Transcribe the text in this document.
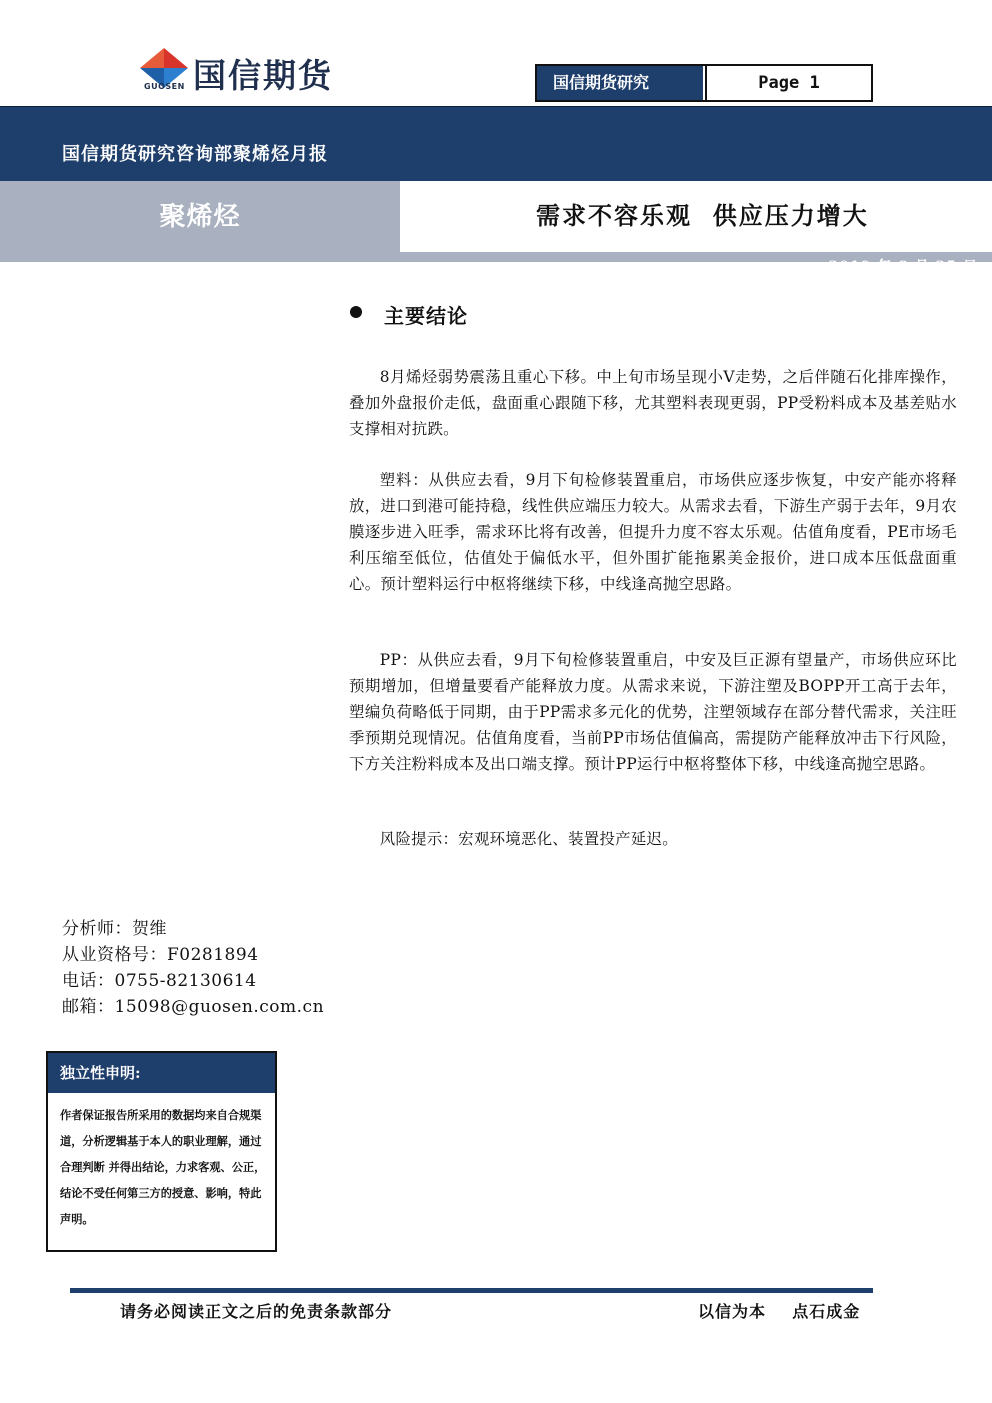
国信期货
GUOSEN	国信期货研究	Page 1
国信期货研究咨询部聚烯烃月报
聚烯烃	需求不容乐观  供应压力增大
2019 年 8 月 25 日
主要结论

8月烯烃弱势震荡且重心下移。中上旬市场呈现小V走势，之后伴随石化排库操作，叠加外盘报价走低，盘面重心跟随下移，尤其塑料表现更弱，PP受粉料成本及基差贴水支撑相对抗跌。

塑料：从供应去看，9月下旬检修装置重启，市场供应逐步恢复，中安产能亦将释放，进口到港可能持稳，线性供应端压力较大。从需求去看，下游生产弱于去年，9月农膜逐步进入旺季，需求环比将有改善，但提升力度不容太乐观。估值角度看，PE市场毛利压缩至低位，估值处于偏低水平，但外围扩能拖累美金报价，进口成本压低盘面重心。预计塑料运行中枢将继续下移，中线逢高抛空思路。

PP：从供应去看，9月下旬检修装置重启，中安及巨正源有望量产，市场供应环比预期增加，但增量要看产能释放力度。从需求来说，下游注塑及BOPP开工高于去年，塑编负荷略低于同期，由于PP需求多元化的优势，注塑领域存在部分替代需求，关注旺季预期兑现情况。估值角度看，当前PP市场估值偏高，需提防产能释放冲击下行风险，下方关注粉料成本及出口端支撑。预计PP运行中枢将整体下移，中线逢高抛空思路。

风险提示：宏观环境恶化、装置投产延迟。

分析师：贺维
从业资格号：F0281894
电话：0755-82130614
邮箱：15098@guosen.com.cn
独立性申明:
作者保证报告所采用的数据均来自合规渠道，分析逻辑基于本人的职业理解，通过合理判断 并得出结论，力求客观、公正，结论不受任何第三方的授意、影响，特此声明。
请务必阅读正文之后的免责条款部分	以信为本    点石成金
